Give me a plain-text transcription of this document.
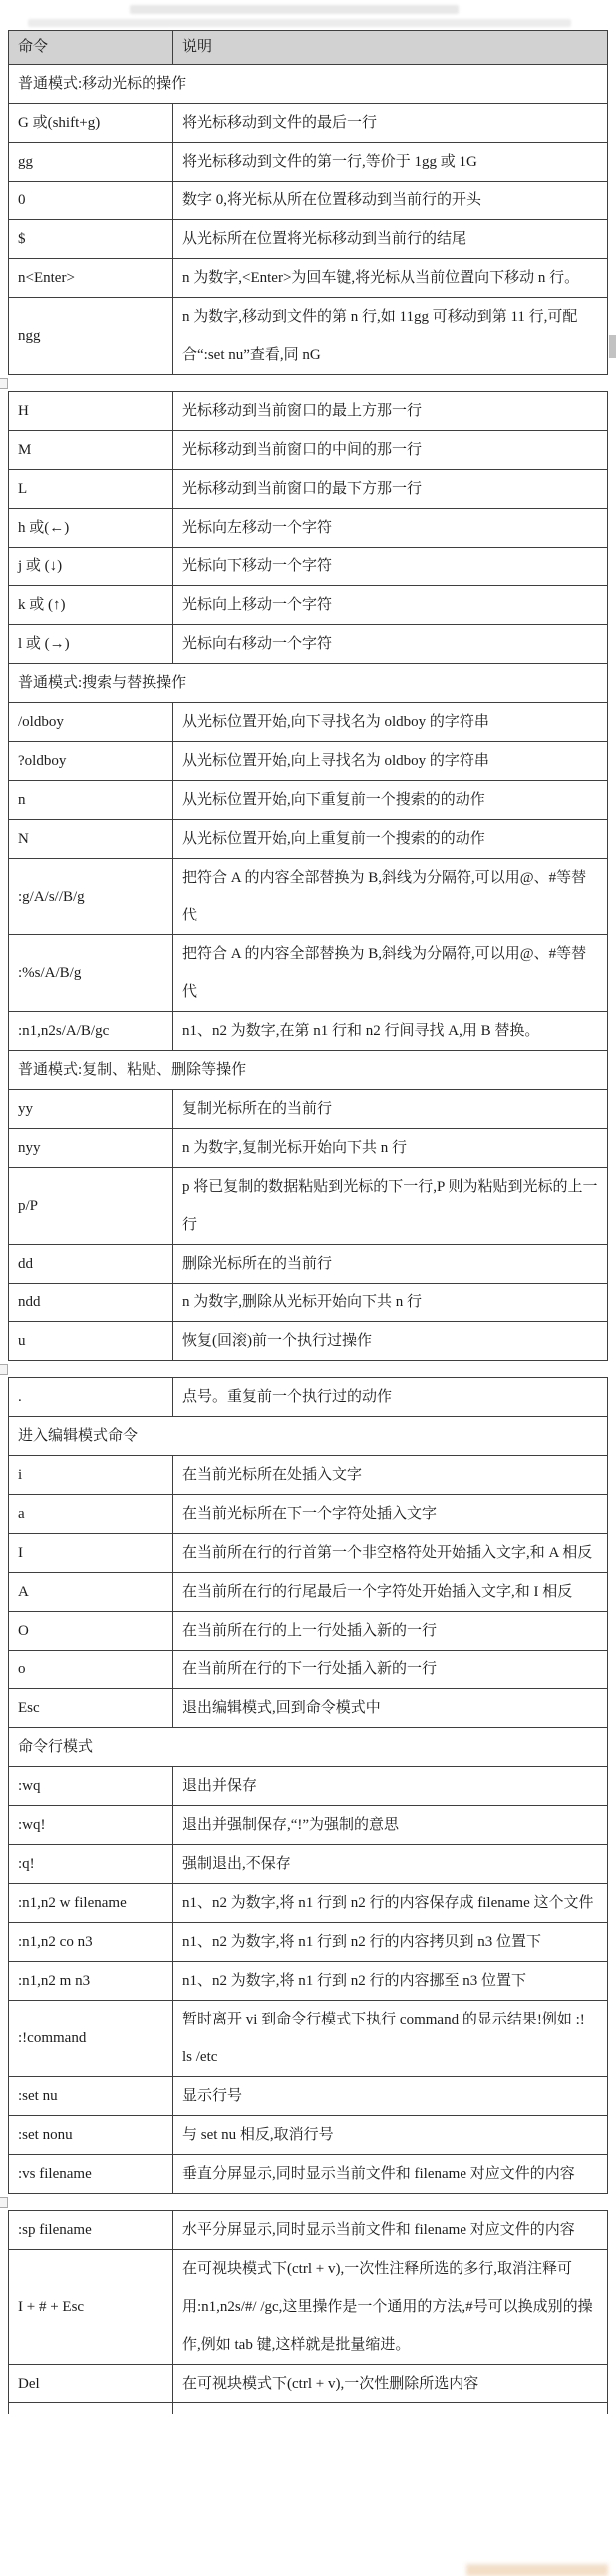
命令	说明
普通模式:移动光标的操作	
G 或(shift+g)	将光标移动到文件的最后一行
gg	将光标移动到文件的第一行,等价于 1gg 或 1G
0	数字 0,将光标从所在位置移动到当前行的开头
$	从光标所在位置将光标移动到当前行的结尾
n<Enter>	n 为数字,<Enter>为回车键,将光标从当前位置向下移动 n 行。
ngg	n 为数字,移动到文件的第 n 行,如 11gg 可移动到第 11 行,可配合“:set nu”查看,同 nG
H	光标移动到当前窗口的最上方那一行
M	光标移动到当前窗口的中间的那一行
L	光标移动到当前窗口的最下方那一行
h 或(←)	光标向左移动一个字符
j 或 (↓)	光标向下移动一个字符
k 或 (↑)	光标向上移动一个字符
l 或 (→)	光标向右移动一个字符
普通模式:搜索与替换操作	
/oldboy	从光标位置开始,向下寻找名为 oldboy 的字符串
?oldboy	从光标位置开始,向上寻找名为 oldboy 的字符串
n	从光标位置开始,向下重复前一个搜索的的动作
N	从光标位置开始,向上重复前一个搜索的的动作
:g/A/s//B/g	把符合 A 的内容全部替换为 B,斜线为分隔符,可以用@、#等替代
:%s/A/B/g	把符合 A 的内容全部替换为 B,斜线为分隔符,可以用@、#等替代
:n1,n2s/A/B/gc	n1、n2 为数字,在第 n1 行和 n2 行间寻找 A,用 B 替换。
普通模式:复制、粘贴、删除等操作	
yy	复制光标所在的当前行
nyy	n 为数字,复制光标开始向下共 n 行
p/P	p 将已复制的数据粘贴到光标的下一行,P 则为粘贴到光标的上一行
dd	删除光标所在的当前行
ndd	n 为数字,删除从光标开始向下共 n 行
u	恢复(回滚)前一个执行过操作
.	点号。重复前一个执行过的动作
进入编辑模式命令	
i	在当前光标所在处插入文字
a	在当前光标所在下一个字符处插入文字
I	在当前所在行的行首第一个非空格符处开始插入文字,和 A 相反
A	在当前所在行的行尾最后一个字符处开始插入文字,和 I 相反
O	在当前所在行的上一行处插入新的一行
o	在当前所在行的下一行处插入新的一行
Esc	退出编辑模式,回到命令模式中
命令行模式	
:wq	退出并保存
:wq!	退出并强制保存,“!”为强制的意思
:q!	强制退出,不保存
:n1,n2 w filename	n1、n2 为数字,将 n1 行到 n2 行的内容保存成 filename 这个文件
:n1,n2 co n3	n1、n2 为数字,将 n1 行到 n2 行的内容拷贝到 n3 位置下
:n1,n2 m n3	n1、n2 为数字,将 n1 行到 n2 行的内容挪至 n3 位置下
:!command	暂时离开 vi 到命令行模式下执行 command 的显示结果!例如 :! ls /etc
:set nu	显示行号
:set nonu	与 set nu 相反,取消行号
:vs filename	垂直分屏显示,同时显示当前文件和 filename 对应文件的内容
:sp filename	水平分屏显示,同时显示当前文件和 filename 对应文件的内容
I + # + Esc	在可视块模式下(ctrl + v),一次性注释所选的多行,取消注释可用:n1,n2s/#/ /gc,这里操作是一个通用的方法,#号可以换成别的操作,例如 tab 键,这样就是批量缩进。
Del	在可视块模式下(ctrl + v),一次性删除所选内容
